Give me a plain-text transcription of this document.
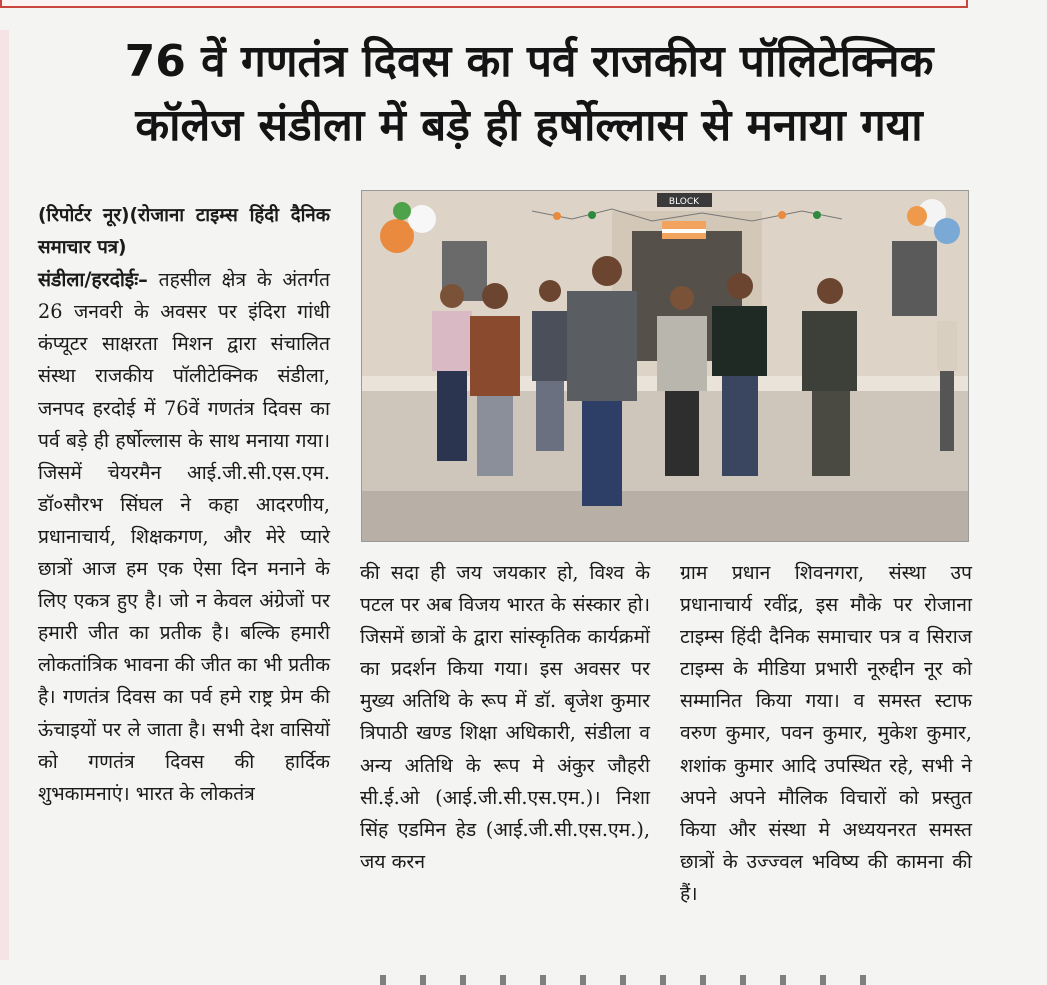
76 वें गणतंत्र दिवस का पर्व राजकीय पॉलिटेक्निक
कॉलेज संडीला में बड़े ही हर्षोल्लास से मनाया गया
(रिपोर्टर नूर)(रोजाना टाइम्स हिंदी दैनिक समाचार पत्र)
संडीला/हरदोईः– तहसील क्षेत्र के अंतर्गत 26 जनवरी के अवसर पर इंदिरा गांधी कंप्यूटर साक्षरता मिशन द्वारा संचालित संस्था राजकीय पॉलीटेक्निक संडीला, जनपद हरदोई में 76वें गणतंत्र दिवस का पर्व बड़े ही हर्षोल्लास के साथ मनाया गया। जिसमें चेयरमैन आई.जी.सी.एस.एम. डॉ०सौरभ सिंघल ने कहा आदरणीय, प्रधानाचार्य, शिक्षकगण, और मेरे प्यारे छात्रों आज हम एक ऐसा दिन मनाने के लिए एकत्र हुए है। जो न केवल अंग्रेजों पर हमारी जीत का प्रतीक है। बल्कि हमारी लोकतांत्रिक भावना की जीत का भी प्रतीक है। गणतंत्र दिवस का पर्व हमे राष्ट्र प्रेम की ऊंचाइयों पर ले जाता है। सभी देश वासियों को गणतंत्र दिवस की हार्दिक शुभकामनाएं। भारत के लोकतंत्र
BLOCK
की सदा ही जय जयकार हो, विश्व के पटल पर अब विजय भारत के संस्कार हो। जिसमें छात्रों के द्वारा सांस्कृतिक कार्यक्रमों का प्रदर्शन किया गया। इस अवसर पर मुख्य अतिथि के रूप में डॉ. बृजेश कुमार त्रिपाठी खण्ड शिक्षा अधिकारी, संडीला व अन्य अतिथि के रूप मे अंकुर जौहरी सी.ई.ओ (आई.जी.सी.एस.एम.)। निशा सिंह एडमिन हेड (आई.जी.सी.एस.एम.), जय करन
ग्राम प्रधान शिवनगरा, संस्था उप प्रधानाचार्य रवींद्र, इस मौके पर रोजाना टाइम्स हिंदी दैनिक समाचार पत्र व सिराज टाइम्स के मीडिया प्रभारी नूरुद्दीन नूर को सम्मानित किया गया। व समस्त स्टाफ वरुण कुमार, पवन कुमार, मुकेश कुमार, शशांक कुमार आदि उपस्थित रहे, सभी ने अपने अपने मौलिक विचारों को प्रस्तुत किया और संस्था मे अध्ययनरत समस्त छात्रों के उज्ज्वल भविष्य की कामना की हैं।
